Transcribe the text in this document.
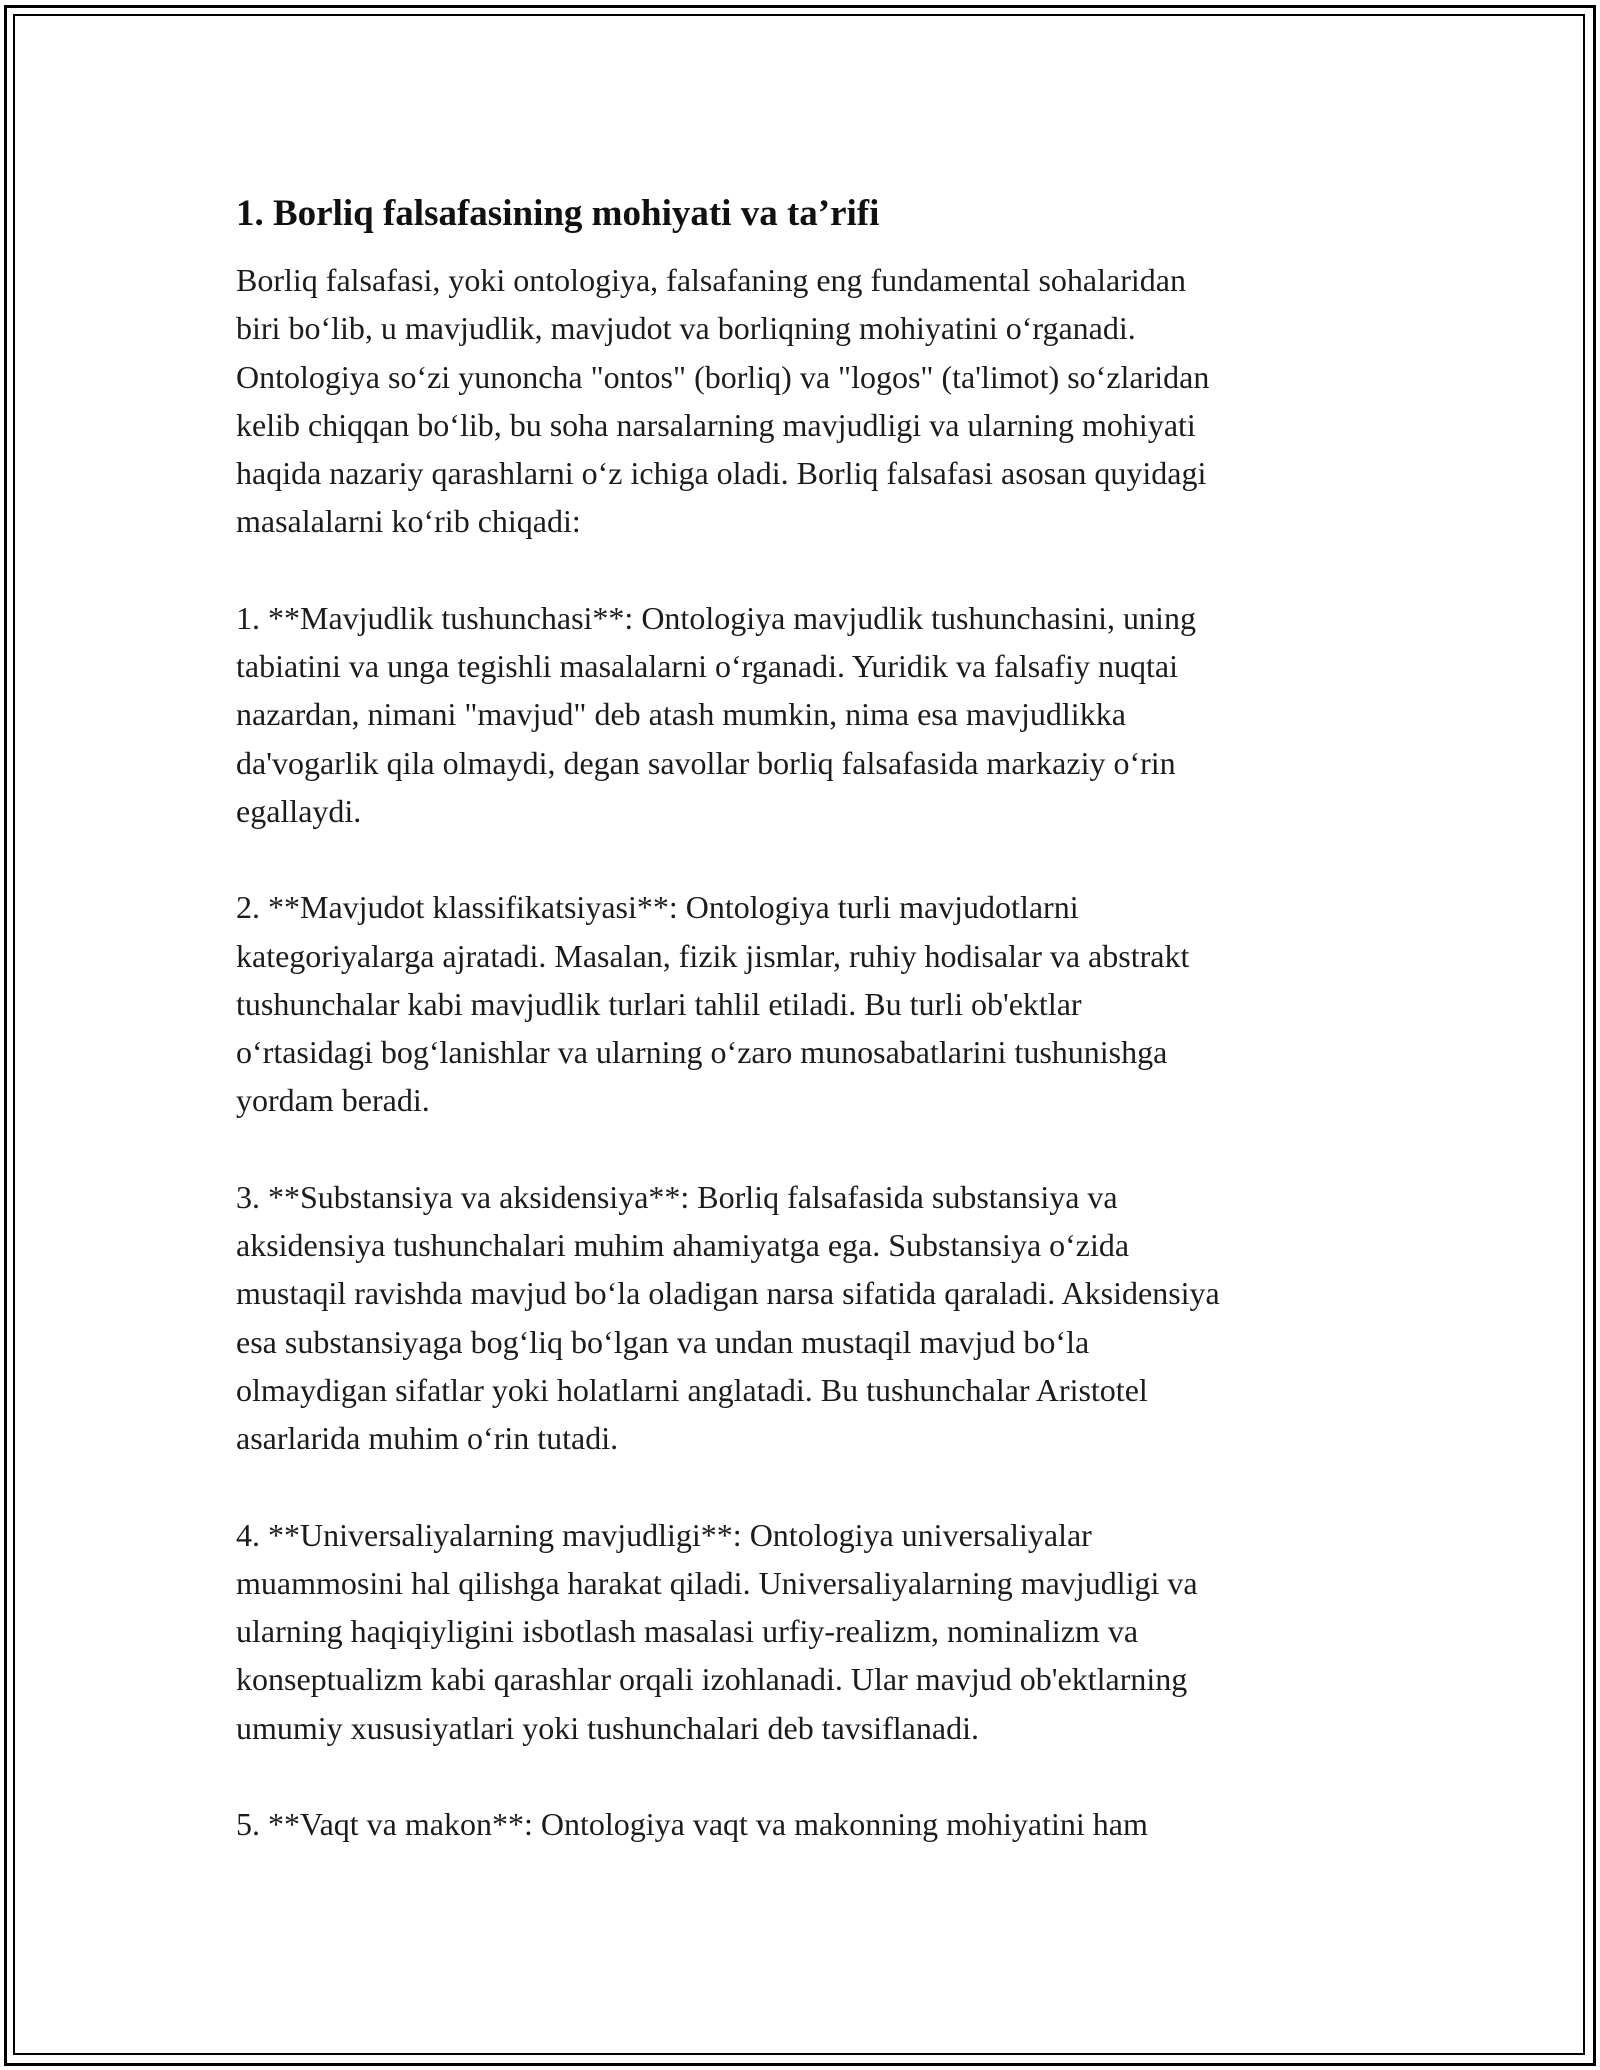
1. Borliq falsafasining mohiyati va ta’rifi

Borliq falsafasi, yoki ontologiya, falsafaning eng fundamental sohalaridan
biri bo‘lib, u mavjudlik, mavjudot va borliqning mohiyatini o‘rganadi.
Ontologiya so‘zi yunoncha "ontos" (borliq) va "logos" (ta'limot) so‘zlaridan
kelib chiqqan bo‘lib, bu soha narsalarning mavjudligi va ularning mohiyati
haqida nazariy qarashlarni o‘z ichiga oladi. Borliq falsafasi asosan quyidagi
masalalarni ko‘rib chiqadi:

1. **Mavjudlik tushunchasi**: Ontologiya mavjudlik tushunchasini, uning
tabiatini va unga tegishli masalalarni o‘rganadi. Yuridik va falsafiy nuqtai
nazardan, nimani "mavjud" deb atash mumkin, nima esa mavjudlikka
da'vogarlik qila olmaydi, degan savollar borliq falsafasida markaziy o‘rin
egallaydi.

2. **Mavjudot klassifikatsiyasi**: Ontologiya turli mavjudotlarni
kategoriyalarga ajratadi. Masalan, fizik jismlar, ruhiy hodisalar va abstrakt
tushunchalar kabi mavjudlik turlari tahlil etiladi. Bu turli ob'ektlar
o‘rtasidagi bog‘lanishlar va ularning o‘zaro munosabatlarini tushunishga
yordam beradi.

3. **Substansiya va aksidensiya**: Borliq falsafasida substansiya va
aksidensiya tushunchalari muhim ahamiyatga ega. Substansiya o‘zida
mustaqil ravishda mavjud bo‘la oladigan narsa sifatida qaraladi. Aksidensiya
esa substansiyaga bog‘liq bo‘lgan va undan mustaqil mavjud bo‘la
olmaydigan sifatlar yoki holatlarni anglatadi. Bu tushunchalar Aristotel
asarlarida muhim o‘rin tutadi.

4. **Universaliyalarning mavjudligi**: Ontologiya universaliyalar
muammosini hal qilishga harakat qiladi. Universaliyalarning mavjudligi va
ularning haqiqiyligini isbotlash masalasi urfiy-realizm, nominalizm va
konseptualizm kabi qarashlar orqali izohlanadi. Ular mavjud ob'ektlarning
umumiy xususiyatlari yoki tushunchalari deb tavsiflanadi.

5. **Vaqt va makon**: Ontologiya vaqt va makonning mohiyatini ham
